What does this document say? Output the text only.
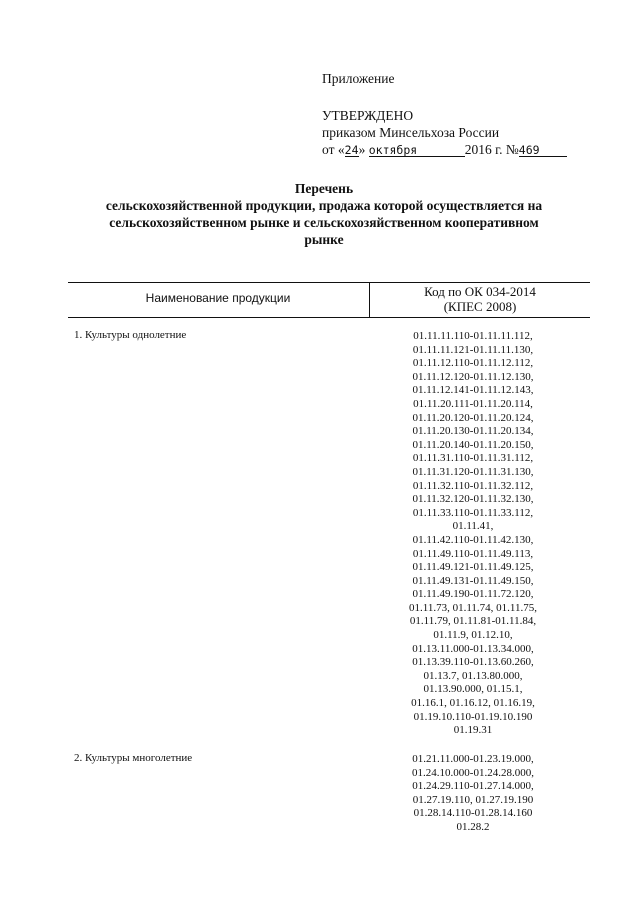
Приложение
УТВЕРЖДЕНО
приказом Минсельхоза России
от «24» октября	2016 г. №469
Перечень
сельскохозяйственной продукции, продажа которой осуществляется на
сельскохозяйственном рынке и сельскохозяйственном кооперативном
рынке
Наименование продукции	Код по ОК 034-2014
(КПЕС 2008)
1. Культуры однолетние	01.11.11.110-01.11.11.112,
01.11.11.121-01.11.11.130,
01.11.12.110-01.11.12.112,
01.11.12.120-01.11.12.130,
01.11.12.141-01.11.12.143,
01.11.20.111-01.11.20.114,
01.11.20.120-01.11.20.124,
01.11.20.130-01.11.20.134,
01.11.20.140-01.11.20.150,
01.11.31.110-01.11.31.112,
01.11.31.120-01.11.31.130,
01.11.32.110-01.11.32.112,
01.11.32.120-01.11.32.130,
01.11.33.110-01.11.33.112,
01.11.41,
01.11.42.110-01.11.42.130,
01.11.49.110-01.11.49.113,
01.11.49.121-01.11.49.125,
01.11.49.131-01.11.49.150,
01.11.49.190-01.11.72.120,
01.11.73, 01.11.74, 01.11.75,
01.11.79, 01.11.81-01.11.84,
01.11.9, 01.12.10,
01.13.11.000-01.13.34.000,
01.13.39.110-01.13.60.260,
01.13.7, 01.13.80.000,
01.13.90.000, 01.15.1,
01.16.1, 01.16.12, 01.16.19,
01.19.10.110-01.19.10.190
01.19.31
2. Культуры многолетние	01.21.11.000-01.23.19.000,
01.24.10.000-01.24.28.000,
01.24.29.110-01.27.14.000,
01.27.19.110, 01.27.19.190
01.28.14.110-01.28.14.160
01.28.2
